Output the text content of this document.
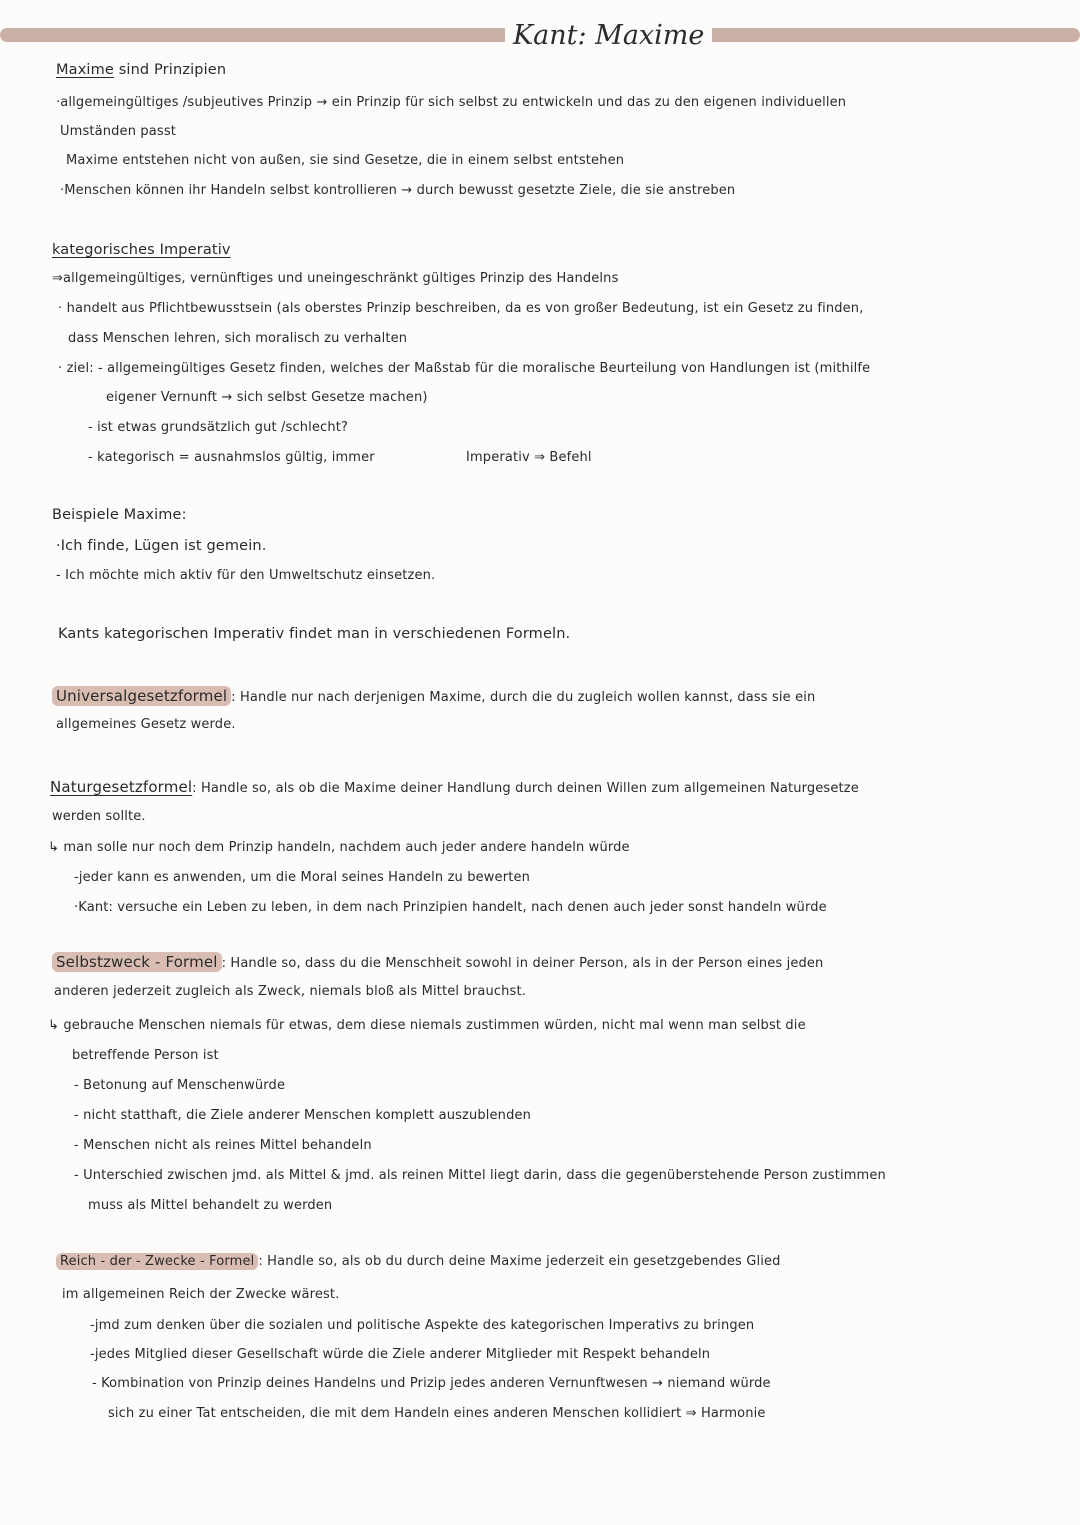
Kant: Maxime
Maxime sind Prinzipien
·allgemeingültiges /subjeutives Prinzip → ein Prinzip für sich selbst zu entwickeln und das zu den eigenen individuellen
Umständen passt
Maxime entstehen nicht von außen, sie sind Gesetze, die in einem selbst entstehen
·Menschen können ihr Handeln selbst kontrollieren → durch bewusst gesetzte Ziele, die sie anstreben
kategorisches Imperativ
⇒allgemeingültiges, vernünftiges und uneingeschränkt gültiges Prinzip des Handelns
· handelt aus Pflichtbewusstsein (als oberstes Prinzip beschreiben, da es von großer Bedeutung, ist ein Gesetz zu finden,
dass Menschen lehren, sich moralisch zu verhalten
· ziel: - allgemeingültiges Gesetz finden, welches der Maßstab für die moralische Beurteilung von Handlungen ist (mithilfe
eigener Vernunft → sich selbst Gesetze machen)
- ist etwas grundsätzlich gut /schlecht?
- kategorisch = ausnahmslos gültig, immer	Imperativ ⇒ Befehl
Beispiele Maxime:
·Ich finde, Lügen ist gemein.
- Ich möchte mich aktiv für den Umweltschutz einsetzen.
Kants kategorischen Imperativ findet man in verschiedenen Formeln.
Universalgesetzformel : Handle nur nach derjenigen Maxime, durch die du zugleich wollen kannst, dass sie ein
allgemeines Gesetz werde.
Naturgesetzformel: Handle so, als ob die Maxime deiner Handlung durch deinen Willen zum allgemeinen Naturgesetze
werden sollte.
↳ man solle nur noch dem Prinzip handeln, nachdem auch jeder andere handeln würde
-jeder kann es anwenden, um die Moral seines Handeln zu bewerten
·Kant: versuche ein Leben zu leben, in dem nach Prinzipien handelt, nach denen auch jeder sonst handeln würde
Selbstzweck - Formel : Handle so, dass du die Menschheit sowohl in deiner Person, als in der Person eines jeden
anderen jederzeit zugleich als Zweck, niemals bloß als Mittel brauchst.
↳ gebrauche Menschen niemals für etwas, dem diese niemals zustimmen würden, nicht mal wenn man selbst die
betreffende Person ist
- Betonung auf Menschenwürde
- nicht statthaft, die Ziele anderer Menschen komplett auszublenden
- Menschen nicht als reines Mittel behandeln
- Unterschied zwischen jmd. als Mittel & jmd. als reinen Mittel liegt darin, dass die gegenüberstehende Person zustimmen
muss als Mittel behandelt zu werden
Reich - der - Zwecke - Formel : Handle so, als ob du durch deine Maxime jederzeit ein gesetzgebendes Glied
im allgemeinen Reich der Zwecke wärest.
-jmd zum denken über die sozialen und politische Aspekte des kategorischen Imperativs zu bringen
-jedes Mitglied dieser Gesellschaft würde die Ziele anderer Mitglieder mit Respekt behandeln
- Kombination von Prinzip deines Handelns und Prizip jedes anderen Vernunftwesen → niemand würde
sich zu einer Tat entscheiden, die mit dem Handeln eines anderen Menschen kollidiert ⇒ Harmonie
